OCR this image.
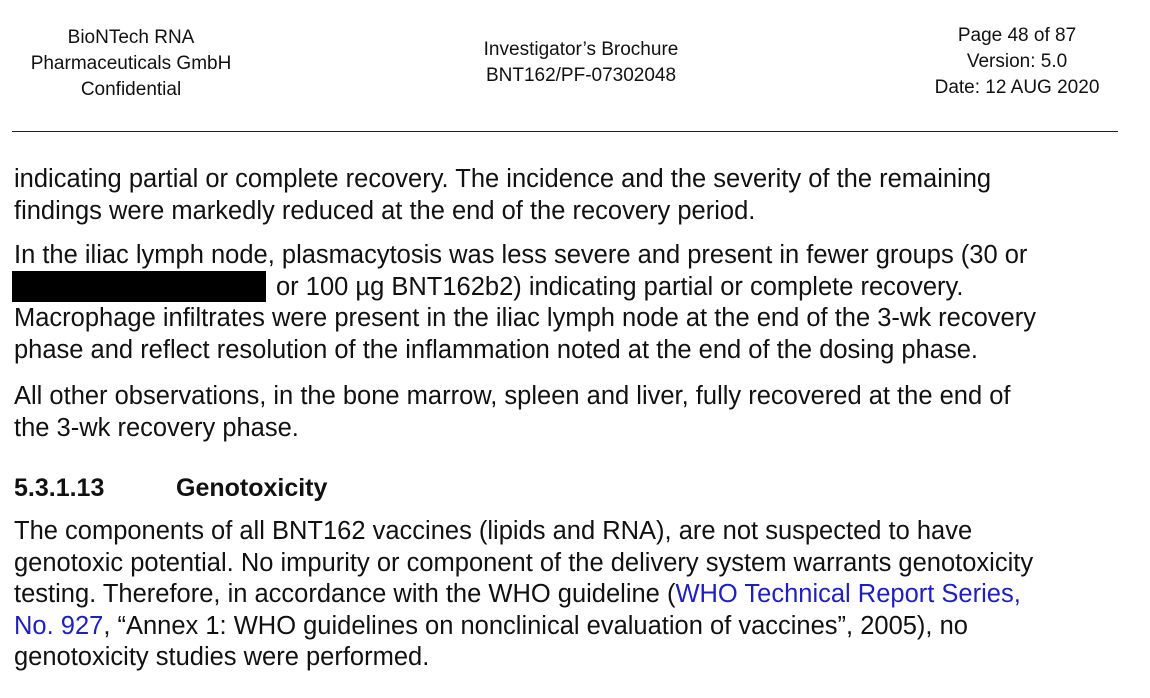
BioNTech RNA
Pharmaceuticals GmbH
Confidential
Investigator’s Brochure
BNT162/PF-07302048
Page 48 of 87
Version: 5.0
Date: 12 AUG 2020
indicating partial or complete recovery. The incidence and the severity of the remaining
findings were markedly reduced at the end of the recovery period.
In the iliac lymph node, plasmacytosis was less severe and present in fewer groups (30 or
or 100 µg BNT162b2) indicating partial or complete recovery.
Macrophage infiltrates were present in the iliac lymph node at the end of the 3-wk recovery
phase and reflect resolution of the inflammation noted at the end of the dosing phase.
All other observations, in the bone marrow, spleen and liver, fully recovered at the end of
the 3-wk recovery phase.
5.3.1.13	Genotoxicity
The components of all BNT162 vaccines (lipids and RNA), are not suspected to have
genotoxic potential. No impurity or component of the delivery system warrants genotoxicity
testing. Therefore, in accordance with the WHO guideline (WHO Technical Report Series,
No. 927, “Annex 1: WHO guidelines on nonclinical evaluation of vaccines”, 2005), no
genotoxicity studies were performed.
